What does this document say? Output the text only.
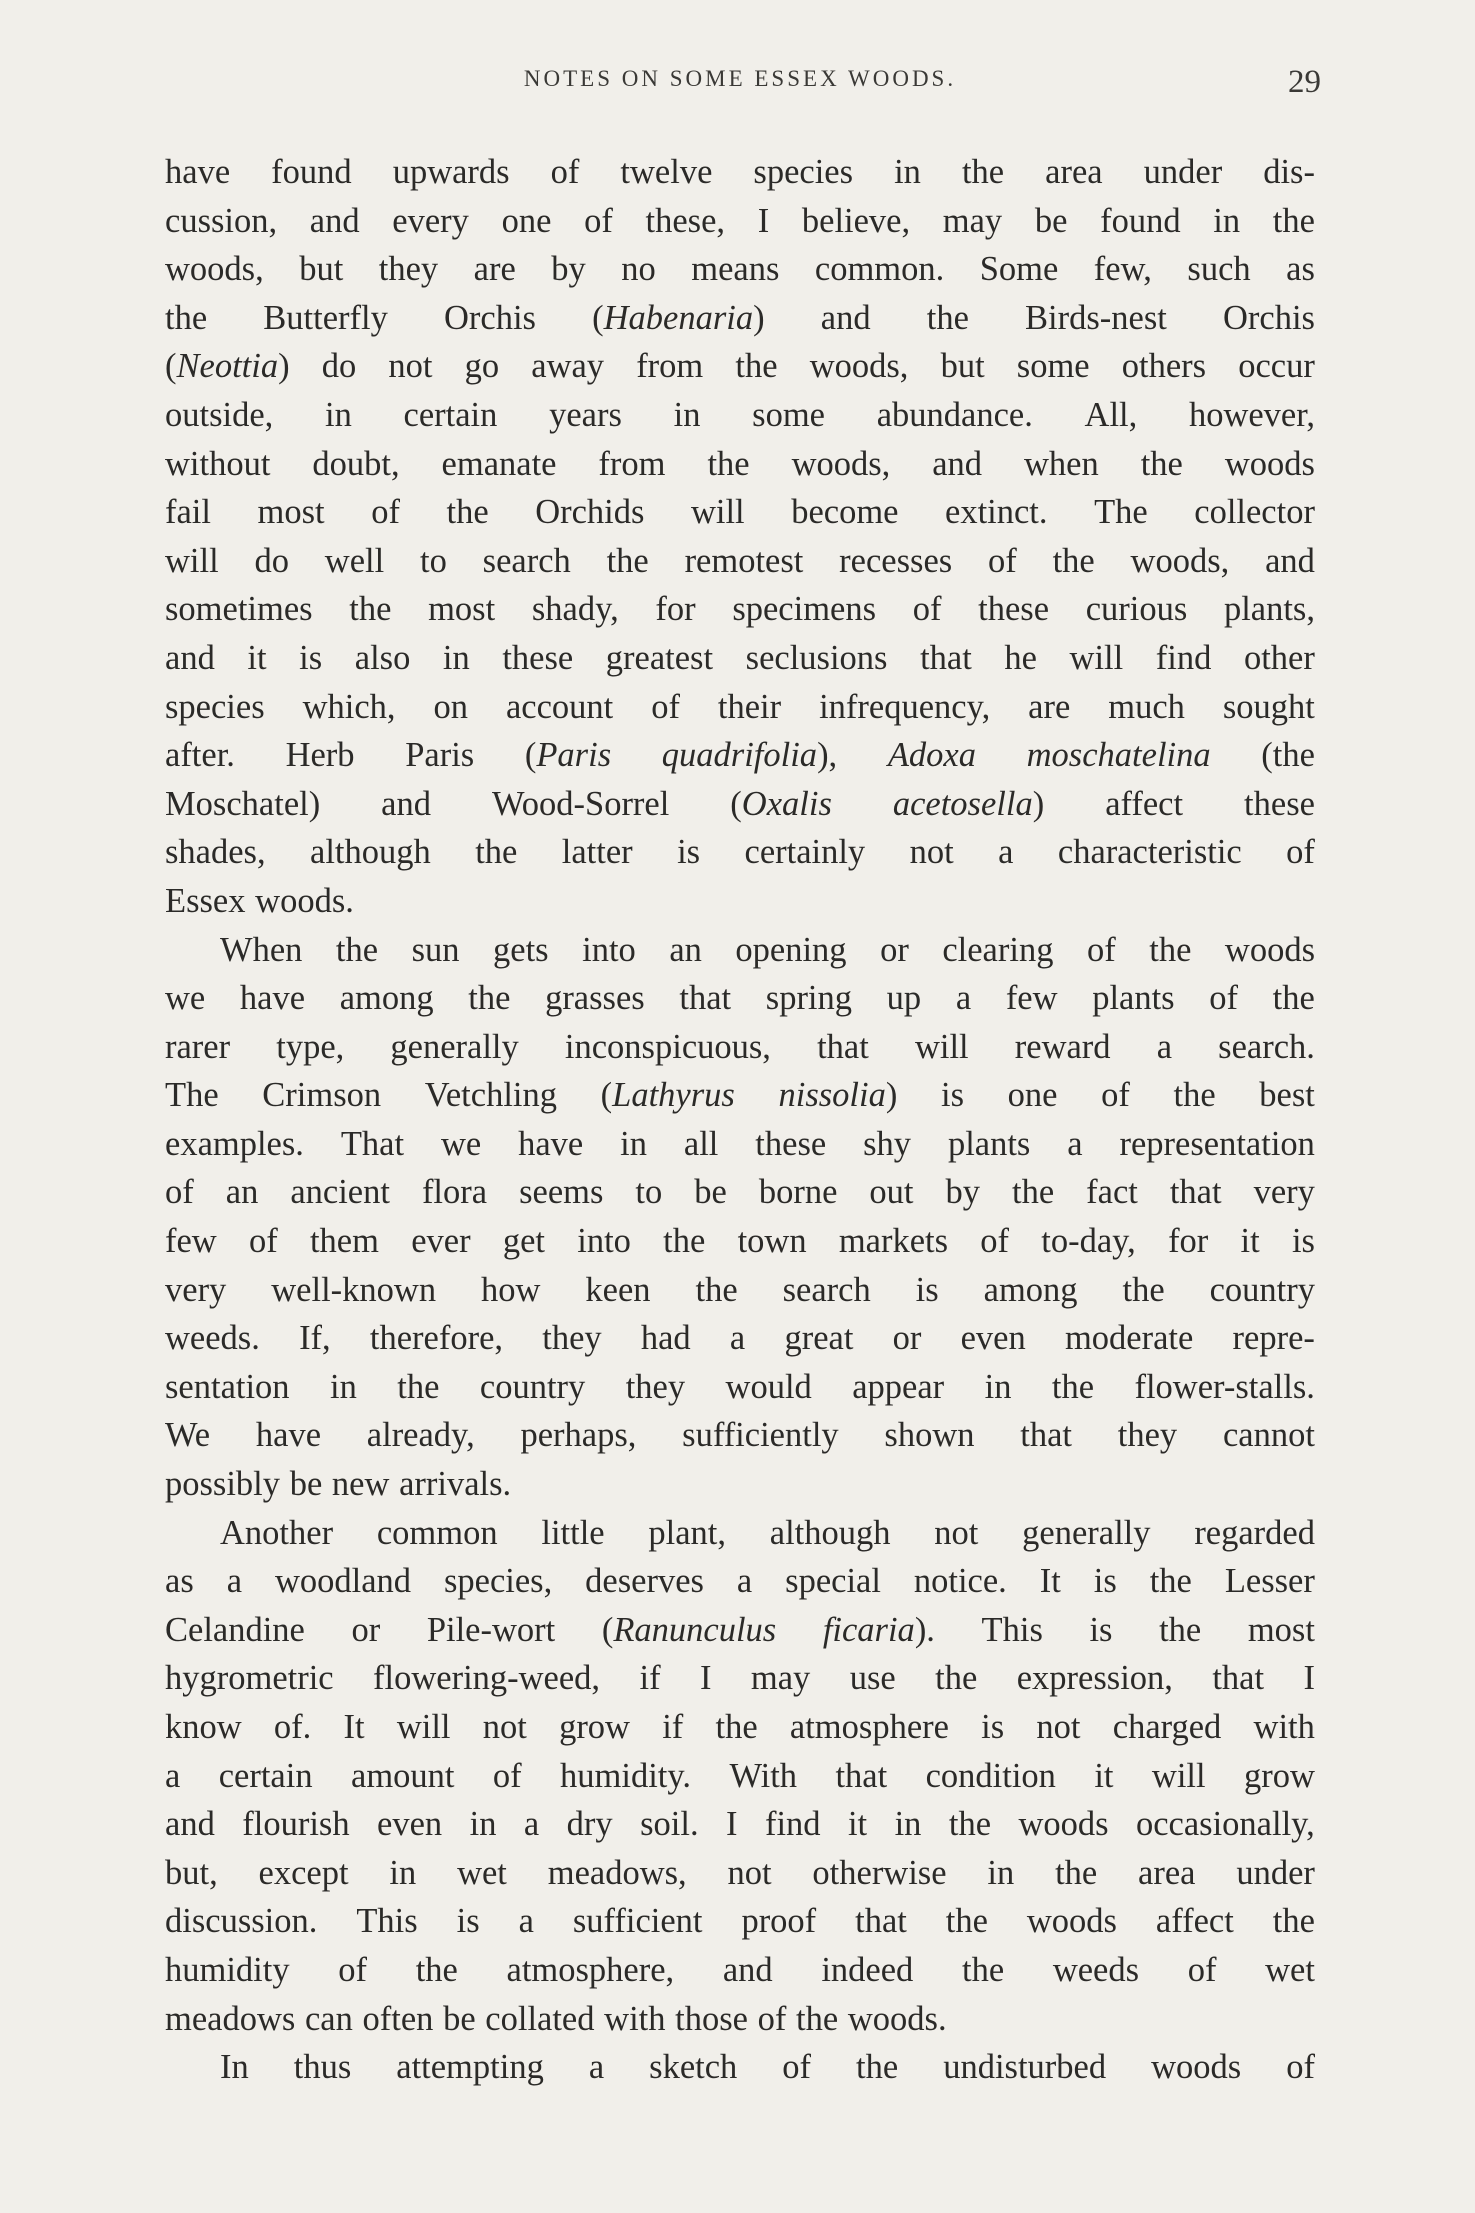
NOTES ON SOME ESSEX WOODS.	29
have found upwards of twelve species in the area under dis-
cussion, and every one of these, I believe, may be found in the
woods, but they are by no means common. Some few, such as
the Butterfly Orchis (Habenaria) and the Birds-nest Orchis
(Neottia) do not go away from the woods, but some others occur
outside, in certain years in some abundance. All, however,
without doubt, emanate from the woods, and when the woods
fail most of the Orchids will become extinct. The collector
will do well to search the remotest recesses of the woods, and
sometimes the most shady, for specimens of these curious plants,
and it is also in these greatest seclusions that he will find other
species which, on account of their infrequency, are much sought
after. Herb Paris (Paris quadrifolia), Adoxa moschatelina (the
Moschatel) and Wood-Sorrel (Oxalis acetosella) affect these
shades, although the latter is certainly not a characteristic of
Essex woods.
When the sun gets into an opening or clearing of the woods
we have among the grasses that spring up a few plants of the
rarer type, generally inconspicuous, that will reward a search.
The Crimson Vetchling (Lathyrus nissolia) is one of the best
examples. That we have in all these shy plants a representation
of an ancient flora seems to be borne out by the fact that very
few of them ever get into the town markets of to-day, for it is
very well-known how keen the search is among the country
weeds. If, therefore, they had a great or even moderate repre-
sentation in the country they would appear in the flower-stalls.
We have already, perhaps, sufficiently shown that they cannot
possibly be new arrivals.
Another common little plant, although not generally regarded
as a woodland species, deserves a special notice. It is the Lesser
Celandine or Pile-wort (Ranunculus ficaria). This is the most
hygrometric flowering-weed, if I may use the expression, that I
know of. It will not grow if the atmosphere is not charged with
a certain amount of humidity. With that condition it will grow
and flourish even in a dry soil. I find it in the woods occasionally,
but, except in wet meadows, not otherwise in the area under
discussion. This is a sufficient proof that the woods affect the
humidity of the atmosphere, and indeed the weeds of wet
meadows can often be collated with those of the woods.
In thus attempting a sketch of the undisturbed woods of
